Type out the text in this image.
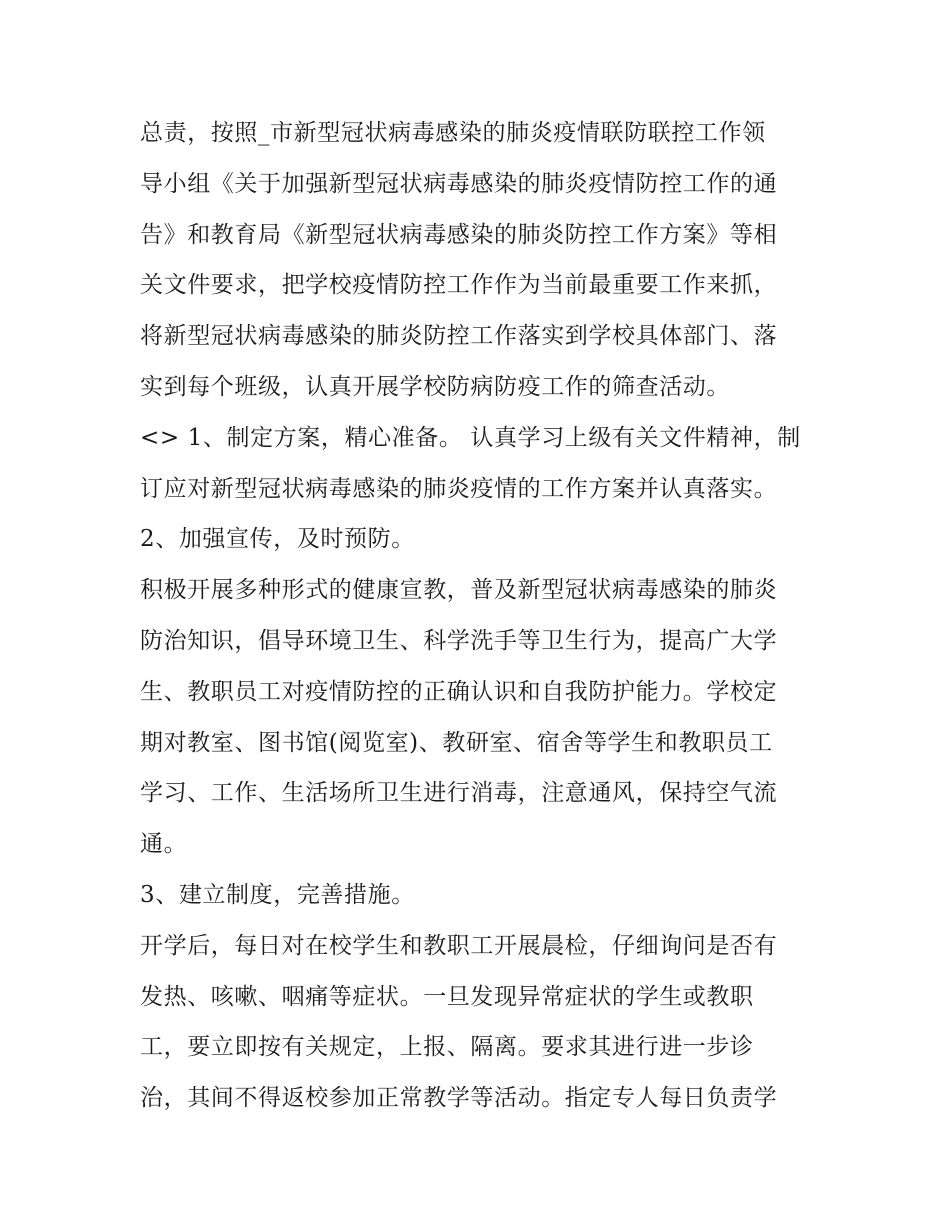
总责，按照_市新型冠状病毒感染的肺炎疫情联防联控工作领
导小组《关于加强新型冠状病毒感染的肺炎疫情防控工作的通
告》和教育局《新型冠状病毒感染的肺炎防控工作方案》等相
关文件要求，把学校疫情防控工作作为当前最重要工作来抓，
将新型冠状病毒感染的肺炎防控工作落实到学校具体部门、落
实到每个班级，认真开展学校防病防疫工作的筛查活动。
<> 1、制定方案，精心准备。 认真学习上级有关文件精神，制
订应对新型冠状病毒感染的肺炎疫情的工作方案并认真落实。
2、加强宣传，及时预防。
积极开展多种形式的健康宣教，普及新型冠状病毒感染的肺炎
防治知识，倡导环境卫生、科学洗手等卫生行为，提高广大学
生、教职员工对疫情防控的正确认识和自我防护能力。学校定
期对教室、图书馆(阅览室)、教研室、宿舍等学生和教职员工
学习、工作、生活场所卫生进行消毒，注意通风，保持空气流
通。
3、建立制度，完善措施。
开学后，每日对在校学生和教职工开展晨检，仔细询问是否有
发热、咳嗽、咽痛等症状。一旦发现异常症状的学生或教职
工，要立即按有关规定，上报、隔离。要求其进行进一步诊
治，其间不得返校参加正常教学等活动。指定专人每日负责学
